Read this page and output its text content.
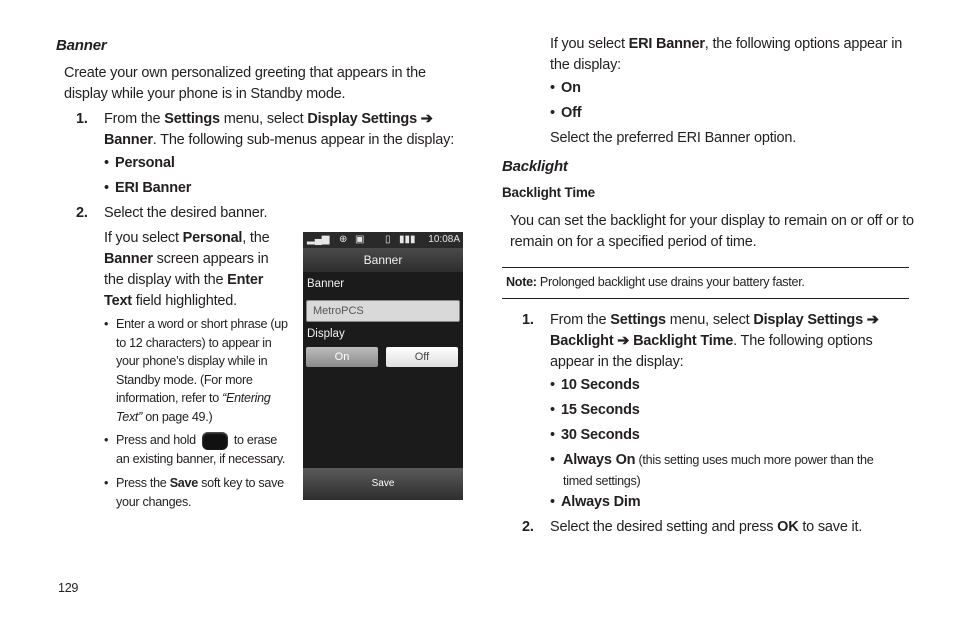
Banner
Create your own personalized greeting that appears in the display while your phone is in Standby mode.
1. From the Settings menu, select Display Settings ➔ Banner. The following sub-menus appear in the display:
• Personal
• ERI Banner
2. Select the desired banner.
If you select Personal, the Banner screen appears in the display with the Enter Text field highlighted.
• Enter a word or short phrase (up to 12 characters) to appear in your phone’s display while in Standby mode. (For more information, refer to “Entering Text” on page 49.)
• Press and hold	to erase an existing banner, if necessary.
• Press the Save soft key to save your changes.
129
▂▄▆ ⊕ ▣ ▯ ▮▮▮ 10:08A
Banner
Banner
MetroPCS
Display
On	Off
Save
If you select ERI Banner, the following options appear in the display:
• On
• Off
Select the preferred ERI Banner option.
Backlight
Backlight Time
You can set the backlight for your display to remain on or off or to remain on for a specified period of time.
Note: Prolonged backlight use drains your battery faster.
1. From the Settings menu, select Display Settings ➔ Backlight ➔ Backlight Time. The following options appear in the display:
• 10 Seconds
• 15 Seconds
• 30 Seconds
• Always On (this setting uses much more power than the timed settings)
• Always Dim
2. Select the desired setting and press OK to save it.
